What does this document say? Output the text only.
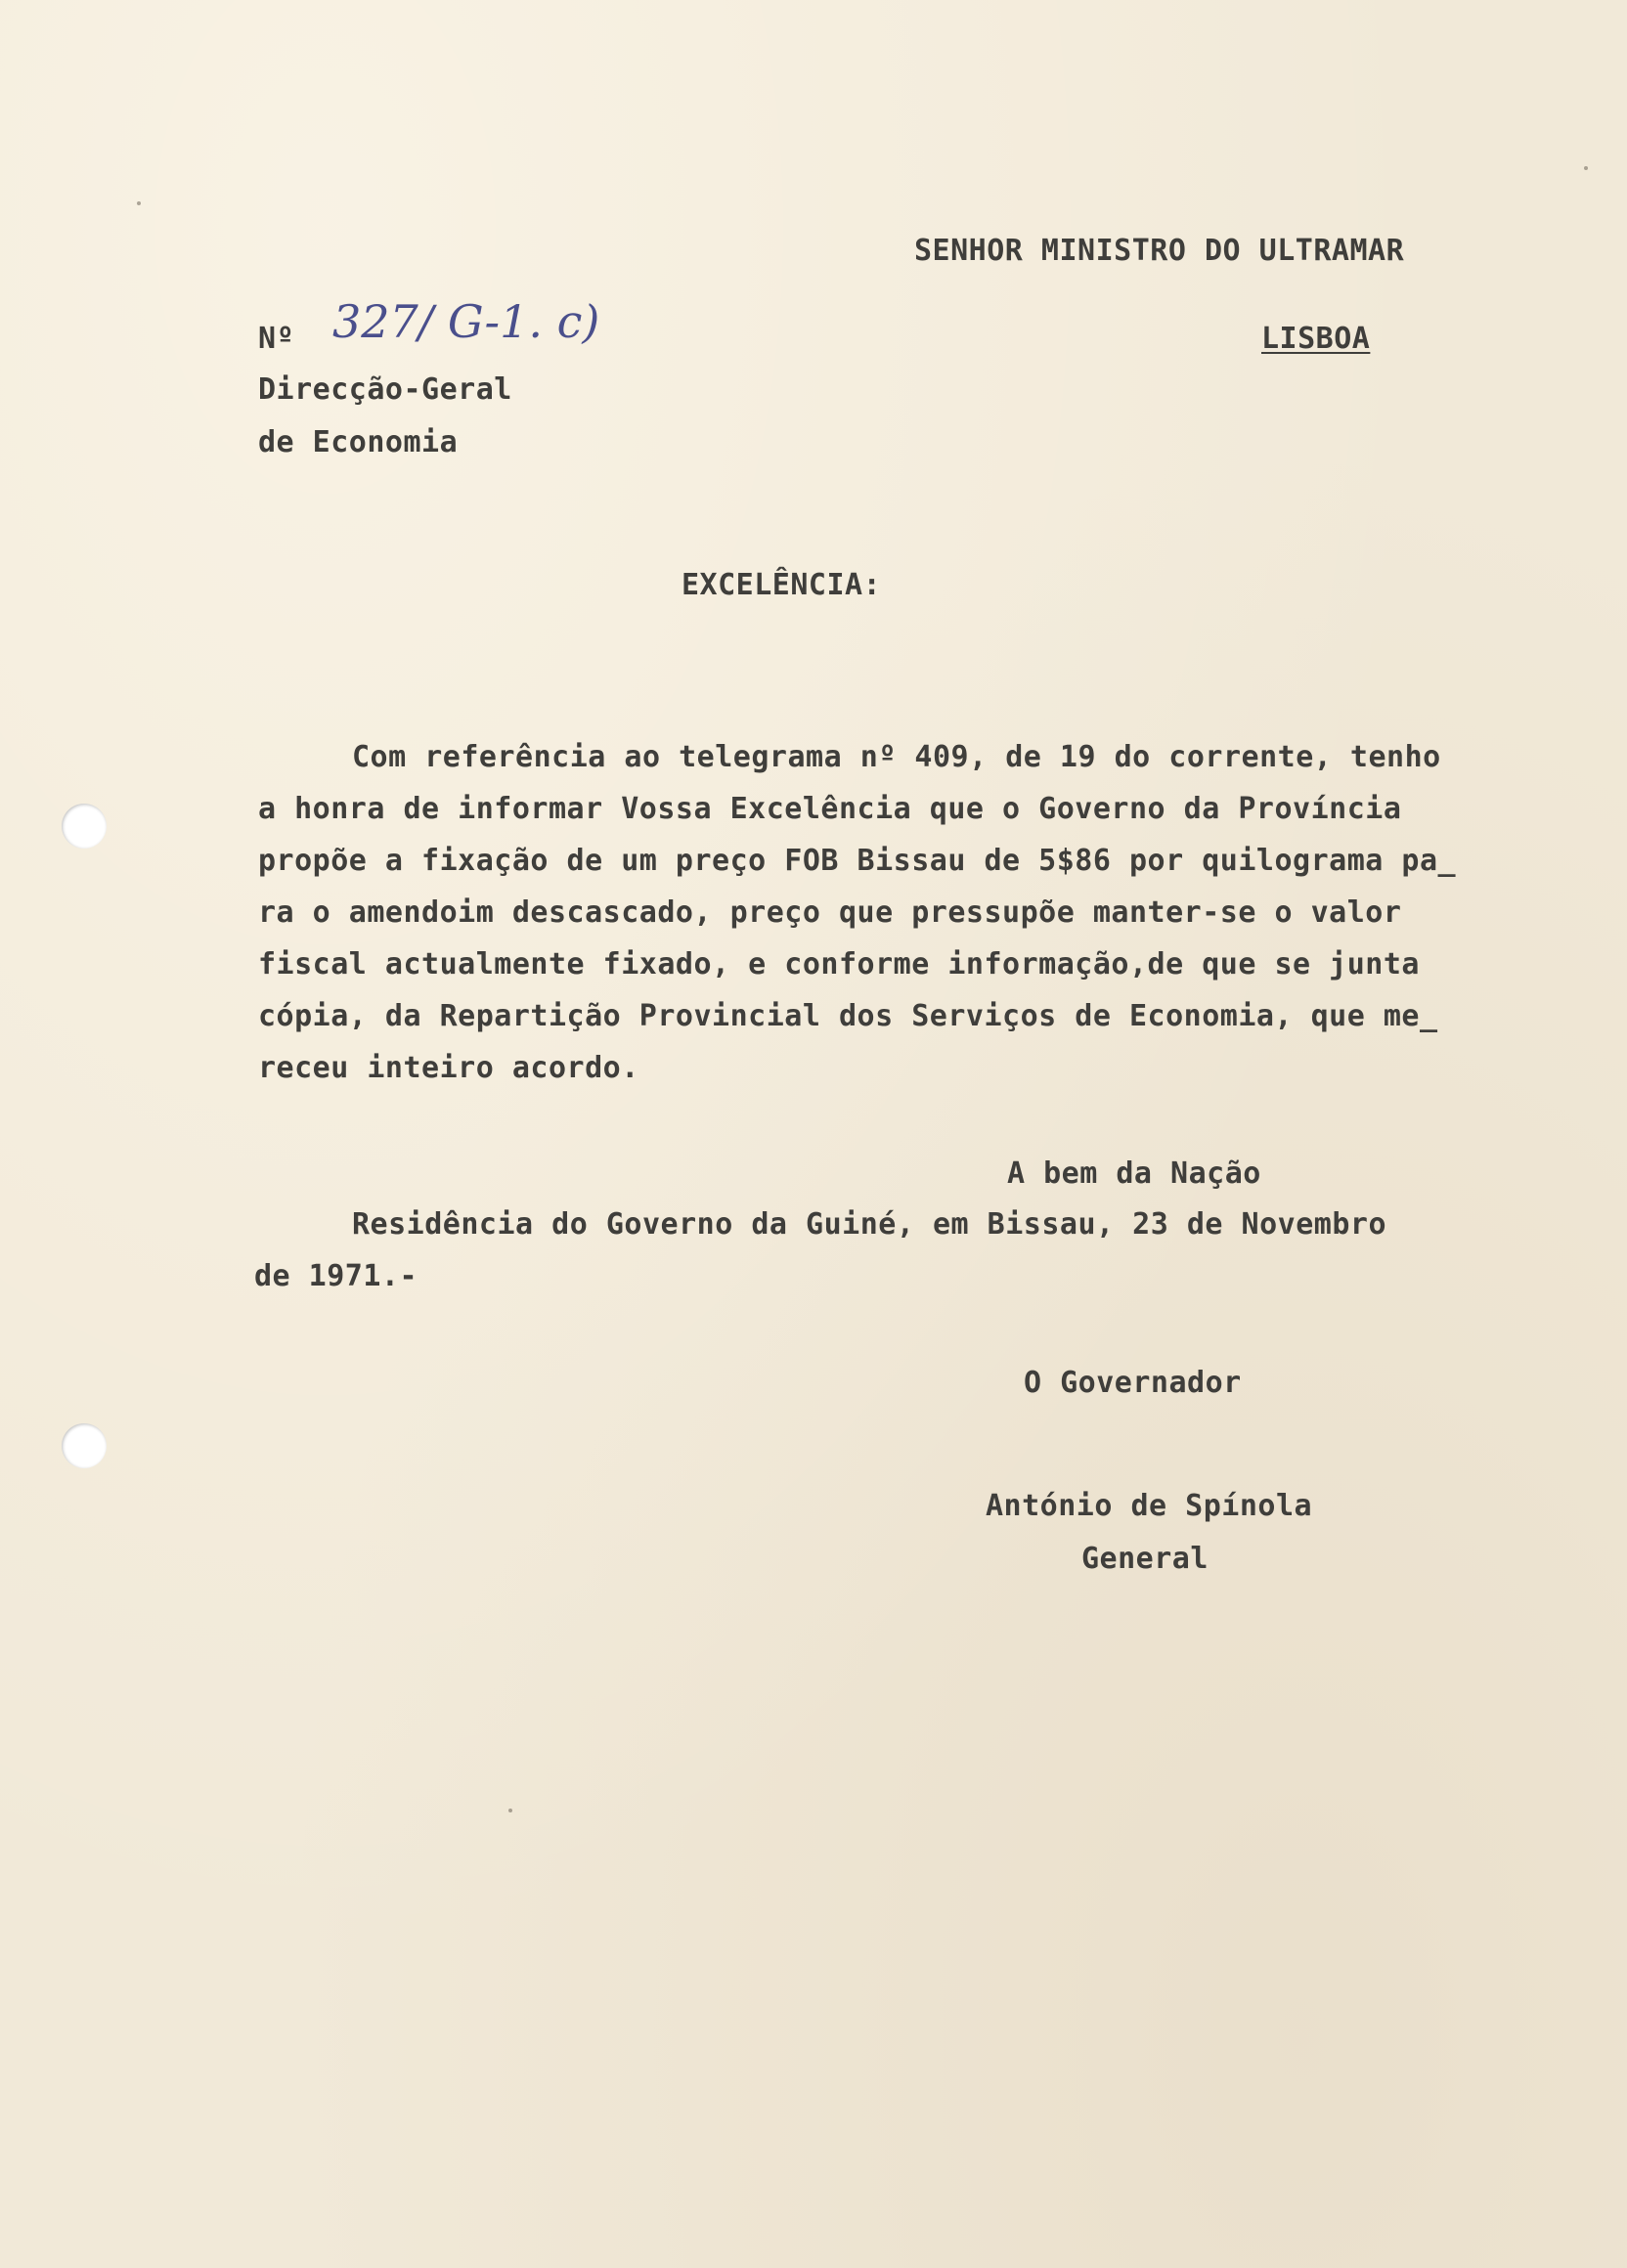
SENHOR MINISTRO DO ULTRAMAR
LISBOA
Nº 327/ G-1. c)
Direcção-Geral
de Economia
EXCELÊNCIA:
Com referência ao telegrama nº 409, de 19 do corrente, tenho
a honra de informar Vossa Excelência que o Governo da Província
propõe a fixação de um preço FOB Bissau de 5$86 por quilograma pa_
ra o amendoim descascado, preço que pressupõe manter-se o valor
fiscal actualmente fixado, e conforme informação,de que se junta
cópia, da Repartição Provincial dos Serviços de Economia, que me_
receu inteiro acordo.
A bem da Nação
Residência do Governo da Guiné, em Bissau, 23 de Novembro
de 1971.-
O Governador
António de Spínola
General
